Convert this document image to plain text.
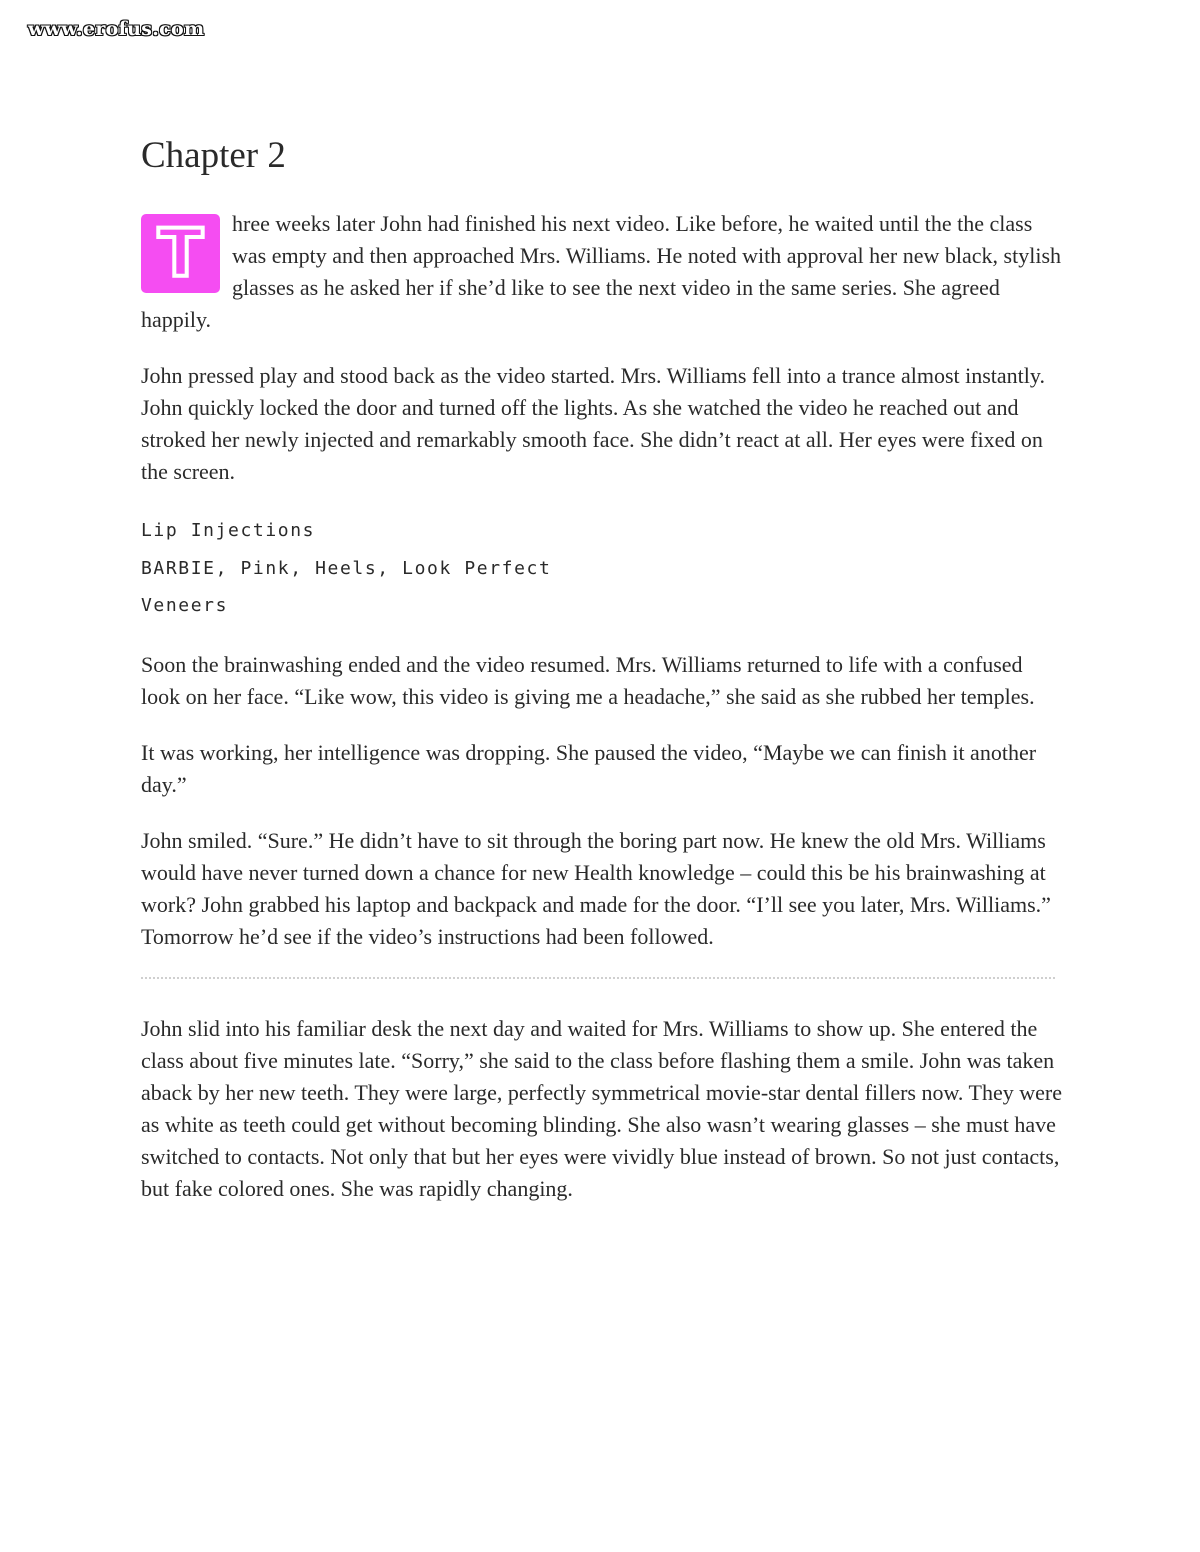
www.erofus.com
Chapter 2

T hree weeks later John had finished his next video. Like before, he waited until the the class was empty and then approached Mrs. Williams. He noted with approval her new black, stylish glasses as he asked her if she’d like to see the next video in the same series. She agreed happily.

John pressed play and stood back as the video started. Mrs. Williams fell into a trance almost instantly. John quickly locked the door and turned off the lights. As she watched the video he reached out and stroked her newly injected and remarkably smooth face. She didn’t react at all. Her eyes were fixed on the screen.

Lip Injections
BARBIE, Pink, Heels, Look Perfect
Veneers

Soon the brainwashing ended and the video resumed. Mrs. Williams returned to life with a confused look on her face. “Like wow, this video is giving me a headache,” she said as she rubbed her temples.

It was working, her intelligence was dropping. She paused the video, “Maybe we can finish it another day.”

John smiled. “Sure.” He didn’t have to sit through the boring part now. He knew the old Mrs. Williams would have never turned down a chance for new Health knowledge – could this be his brainwashing at work? John grabbed his laptop and backpack and made for the door. “I’ll see you later, Mrs. Williams.” Tomorrow he’d see if the video’s instructions had been followed.

John slid into his familiar desk the next day and waited for Mrs. Williams to show up. She entered the class about five minutes late. “Sorry,” she said to the class before flashing them a smile. John was taken aback by her new teeth. They were large, perfectly symmetrical movie-star dental fillers now. They were as white as teeth could get without becoming blinding. She also wasn’t wearing glasses – she must have switched to contacts. Not only that but her eyes were vividly blue instead of brown. So not just contacts, but fake colored ones. She was rapidly changing.
